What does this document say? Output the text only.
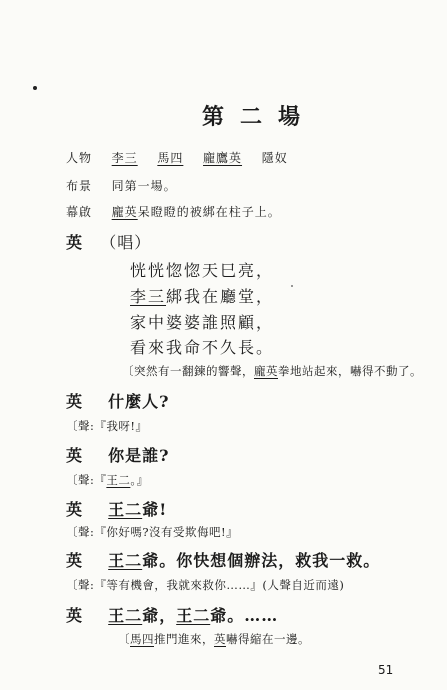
第二場
人物 李三 馬四 龐鷹英 隱奴
布景 同第一場。
幕啟 龐英呆瞪瞪的被綁在柱子上。
英 （唱）
恍恍惚惚天巳亮，
李三綁我在廳堂，
家中婆婆誰照顧，
看來我命不久長。
〔突然有一翻鍊的響聲，龐英拳地站起來，嚇得不動了。
英 什麼人?
〔聲:『我呀!』
英 你是誰?
〔聲:『王二。』
英 王二爺!
〔聲:『你好嗎?沒有受欺侮吧!』
英 王二爺。你快想個辦法，救我一救。
〔聲:『等有機會，我就來救你……』(人聲自近而遠)
英 王二爺，王二爺。……
〔馬四推門進來，英嚇得縮在一邊。
51
